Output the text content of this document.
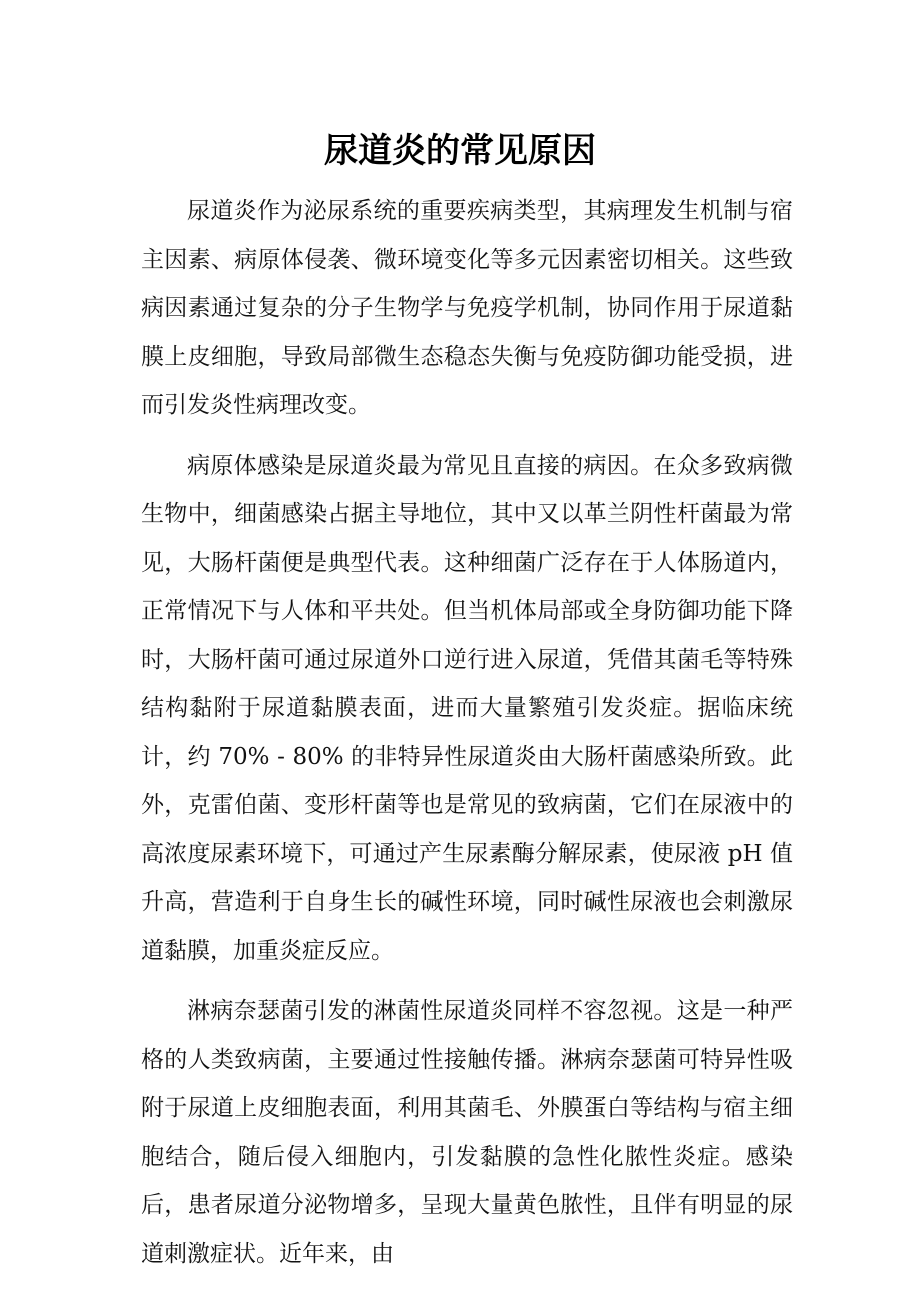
尿道炎的常见原因

尿道炎作为泌尿系统的重要疾病类型，其病理发生机制与宿主因素、病原体侵袭、微环境变化等多元因素密切相关。这些致病因素通过复杂的分子生物学与免疫学机制，协同作用于尿道黏膜上皮细胞，导致局部微生态稳态失衡与免疫防御功能受损，进而引发炎性病理改变。

病原体感染是尿道炎最为常见且直接的病因。在众多致病微生物中，细菌感染占据主导地位，其中又以革兰阴性杆菌最为常见，大肠杆菌便是典型代表。这种细菌广泛存在于人体肠道内，正常情况下与人体和平共处。但当机体局部或全身防御功能下降时，大肠杆菌可通过尿道外口逆行进入尿道，凭借其菌毛等特殊结构黏附于尿道黏膜表面，进而大量繁殖引发炎症。据临床统计，约 70% - 80% 的非特异性尿道炎由大肠杆菌感染所致。此外，克雷伯菌、变形杆菌等也是常见的致病菌，它们在尿液中的高浓度尿素环境下，可通过产生尿素酶分解尿素，使尿液 pH 值升高，营造利于自身生长的碱性环境，同时碱性尿液也会刺激尿道黏膜，加重炎症反应。

淋病奈瑟菌引发的淋菌性尿道炎同样不容忽视。这是一种严格的人类致病菌，主要通过性接触传播。淋病奈瑟菌可特异性吸附于尿道上皮细胞表面，利用其菌毛、外膜蛋白等结构与宿主细胞结合，随后侵入细胞内，引发黏膜的急性化脓性炎症。感染后，患者尿道分泌物增多，呈现大量黄色脓性，且伴有明显的尿道刺激症状。近年来，由
